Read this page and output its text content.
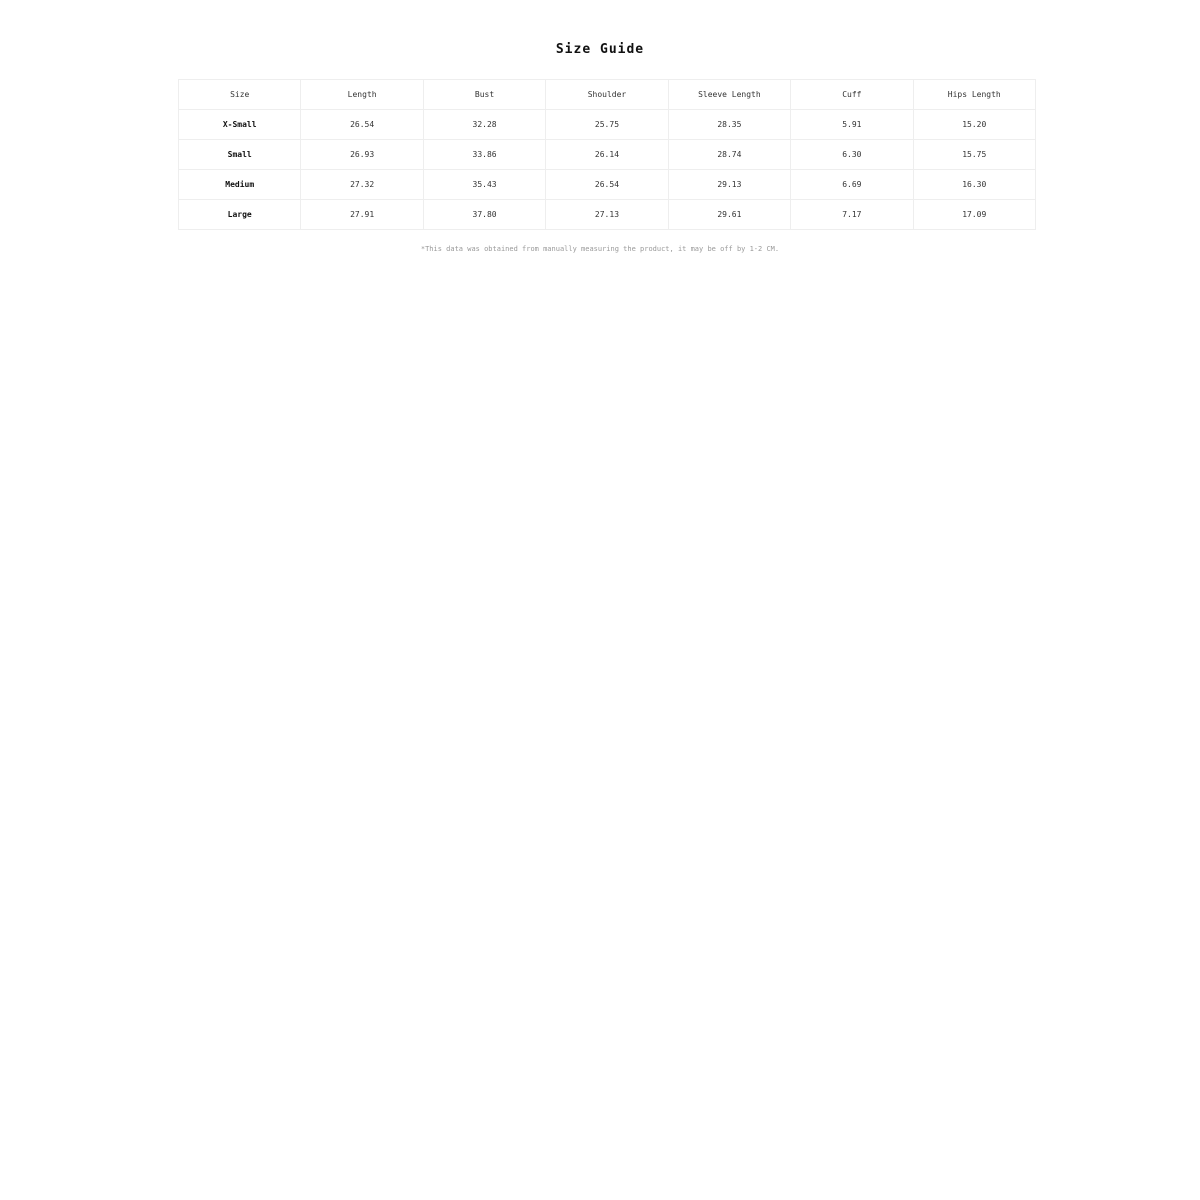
Size Guide
Size	Length	Bust	Shoulder	Sleeve Length	Cuff	Hips Length
X-Small	26.54	32.28	25.75	28.35	5.91	15.20
Small	26.93	33.86	26.14	28.74	6.30	15.75
Medium	27.32	35.43	26.54	29.13	6.69	16.30
Large	27.91	37.80	27.13	29.61	7.17	17.09
*This data was obtained from manually measuring the product, it may be off by 1-2 CM.
